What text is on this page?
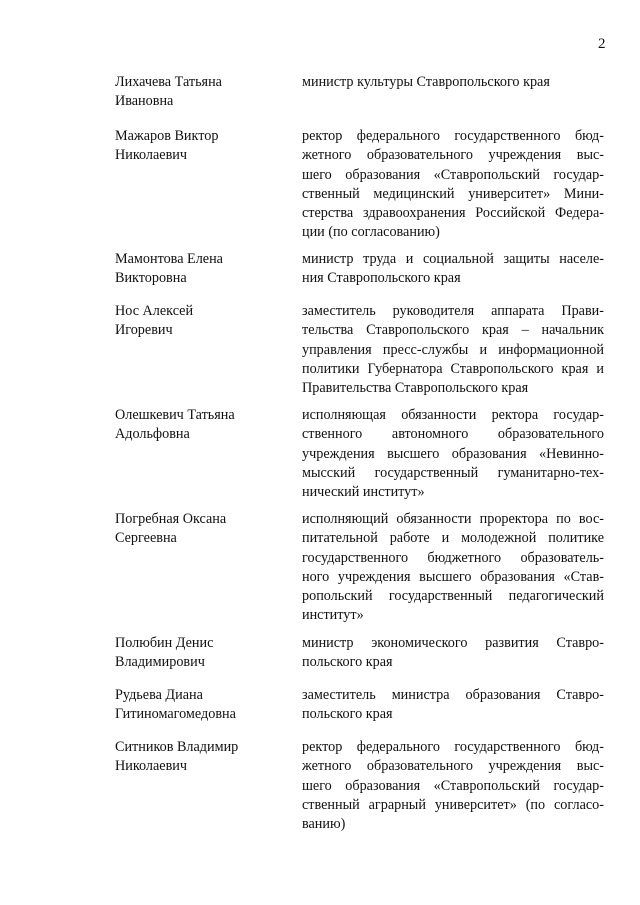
2
Лихачева Татьяна
Ивановна
министр культуры Ставропольского края
Мажаров Виктор
Николаевич
ректор федерального государственного бюд-
жетного образовательного учреждения выс-
шего образования «Ставропольский государ-
ственный медицинский университет» Мини-
стерства здравоохранения Российской Федера-
ции (по согласованию)
Мамонтова Елена
Викторовна
министр труда и социальной защиты населе-
ния Ставропольского края
Нос Алексей
Игоревич
заместитель руководителя аппарата Прави-
тельства Ставропольского края – начальник
управления пресс-службы и информационной
политики Губернатора Ставропольского края и
Правительства Ставропольского края
Олешкевич Татьяна
Адольфовна
исполняющая обязанности ректора государ-
ственного автономного образовательного
учреждения высшего образования «Невинно-
мысский государственный гуманитарно-тех-
нический институт»
Погребная Оксана
Сергеевна
исполняющий обязанности проректора по вос-
питательной работе и молодежной политике
государственного бюджетного образователь-
ного учреждения высшего образования «Став-
ропольский государственный педагогический
институт»
Полюбин Денис
Владимирович
министр экономического развития Ставро-
польского края
Рудьева Диана
Гитиномагомедовна
заместитель министра образования Ставро-
польского края
Ситников Владимир
Николаевич
ректор федерального государственного бюд-
жетного образовательного учреждения выс-
шего образования «Ставропольский государ-
ственный аграрный университет» (по согласо-
ванию)
